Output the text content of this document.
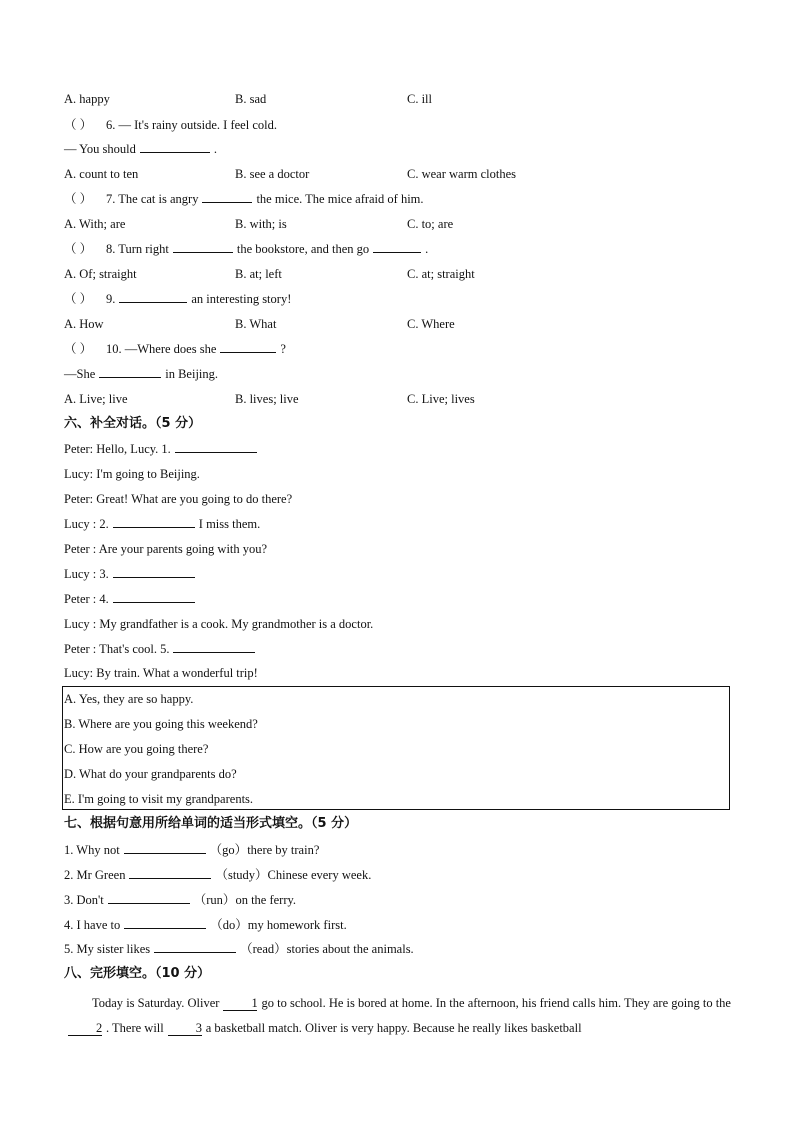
A. happy	B. sad	C. ill
（ ） 6. — It's rainy outside. I feel cold.
— You should	.
A. count to ten	B. see a doctor	C. wear warm clothes
（ ） 7. The cat is angry	the mice. The mice afraid of him.
A. With; are	B. with; is	C. to; are
（ ） 8. Turn right	the bookstore, and then go	.
A. Of; straight	B. at; left	C. at; straight
（ ） 9.	an interesting story!
A. How	B. What	C. Where
（ ） 10. —Where does she	?
—She	in Beijing.
A. Live; live	B. lives; live	C. Live; lives
六、补全对话。（5 分）
Peter: Hello, Lucy. 1.
Lucy: I'm going to Beijing.
Peter: Great! What are you going to do there?
Lucy : 2.	I miss them.
Peter : Are your parents going with you?
Lucy : 3.
Peter : 4.
Lucy : My grandfather is a cook. My grandmother is a doctor.
Peter : That's cool. 5.
Lucy: By train. What a wonderful trip!
A. Yes, they are so happy.
B. Where are you going this weekend?
C. How are you going there?
D. What do your grandparents do?
E. I'm going to visit my grandparents.
七、根据句意用所给单词的适当形式填空。（5 分）
1. Why not	（go）there by train?
2. Mr Green	（study）Chinese every week.
3. Don't	（run）on the ferry.
4. I have to	（do）my homework first.
5. My sister likes	（read）stories about the animals.
八、完形填空。（10 分）
Today is Saturday. Oliver	1 go to school. He is bored at home. In the afternoon, his friend calls him. They are going to the2 . There will	3 a basketball match. Oliver is very happy. Because he really likes basketball
